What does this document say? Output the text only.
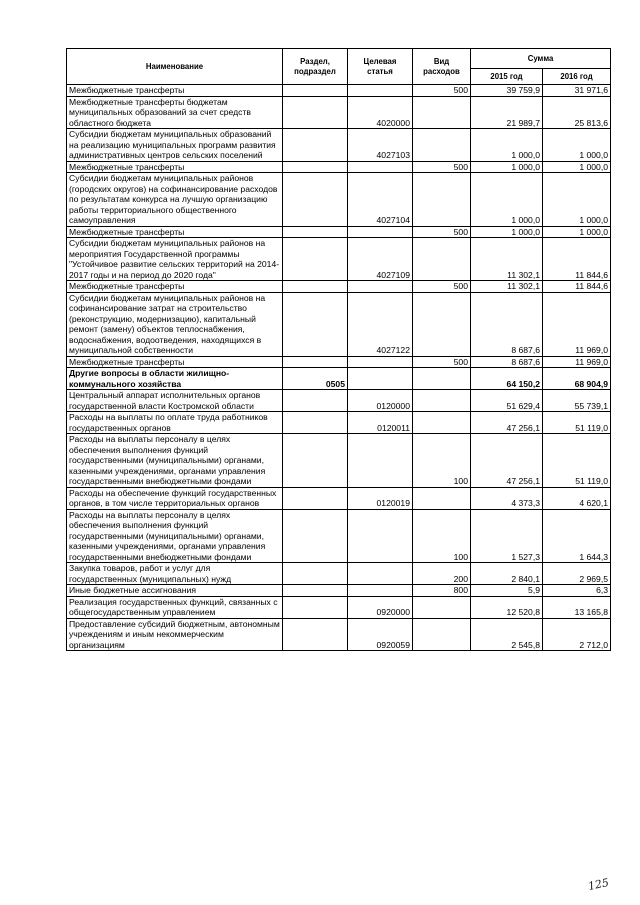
Наименование	Раздел, подраздел	Целевая статья	Вид расходов	Сумма	
				2015 год	2016 год
Межбюджетные трансферты			500	39 759,9	31 971,6
Межбюджетные трансферты бюджетам муниципальных образований за счет средств областного бюджета		4020000		21 989,7	25 813,6
Субсидии бюджетам муниципальных образований на реализацию муниципальных программ развития административных центров сельских поселений		4027103		1 000,0	1 000,0
Межбюджетные трансферты			500	1 000,0	1 000,0
Субсидии бюджетам муниципальных районов (городских округов) на софинансирование расходов по результатам конкурса на лучшую организацию работы территориального общественного самоуправления		4027104		1 000,0	1 000,0
Межбюджетные трансферты			500	1 000,0	1 000,0
Субсидии бюджетам муниципальных районов на мероприятия Государственной программы "Устойчивое развитие сельских территорий на 2014-2017 годы и на период до 2020 года"		4027109		11 302,1	11 844,6
Межбюджетные трансферты			500	11 302,1	11 844,6
Субсидии бюджетам муниципальных районов на софинансирование затрат на строительство (реконструкцию, модернизацию), капитальный ремонт (замену) объектов теплоснабжения, водоснабжения, водоотведения, находящихся в муниципальной собственности		4027122		8 687,6	11 969,0
Межбюджетные трансферты			500	8 687,6	11 969,0
Другие вопросы в области жилищно-коммунального хозяйства	0505			64 150,2	68 904,9
Центральный аппарат исполнительных органов государственной власти Костромской области		0120000		51 629,4	55 739,1
Расходы на выплаты по оплате труда работников государственных органов		0120011		47 256,1	51 119,0
Расходы на выплаты персоналу в целях обеспечения выполнения функций государственными (муниципальными) органами, казенными учреждениями, органами управления государственными внебюджетными фондами			100	47 256,1	51 119,0
Расходы на обеспечение функций государственных органов, в том числе территориальных органов		0120019		4 373,3	4 620,1
Расходы на выплаты персоналу в целях обеспечения выполнения функций государственными (муниципальными) органами, казенными учреждениями, органами управления государственными внебюджетными фондами			100	1 527,3	1 644,3
Закупка товаров, работ и услуг для государственных (муниципальных) нужд			200	2 840,1	2 969,5
Иные бюджетные ассигнования			800	5,9	6,3
Реализация государственных функций, связанных с общегосударственным управлением		0920000		12 520,8	13 165,8
Предоставление субсидий бюджетным, автономным учреждениям и иным некоммерческим организациям		0920059		2 545,8	2 712,0
125
